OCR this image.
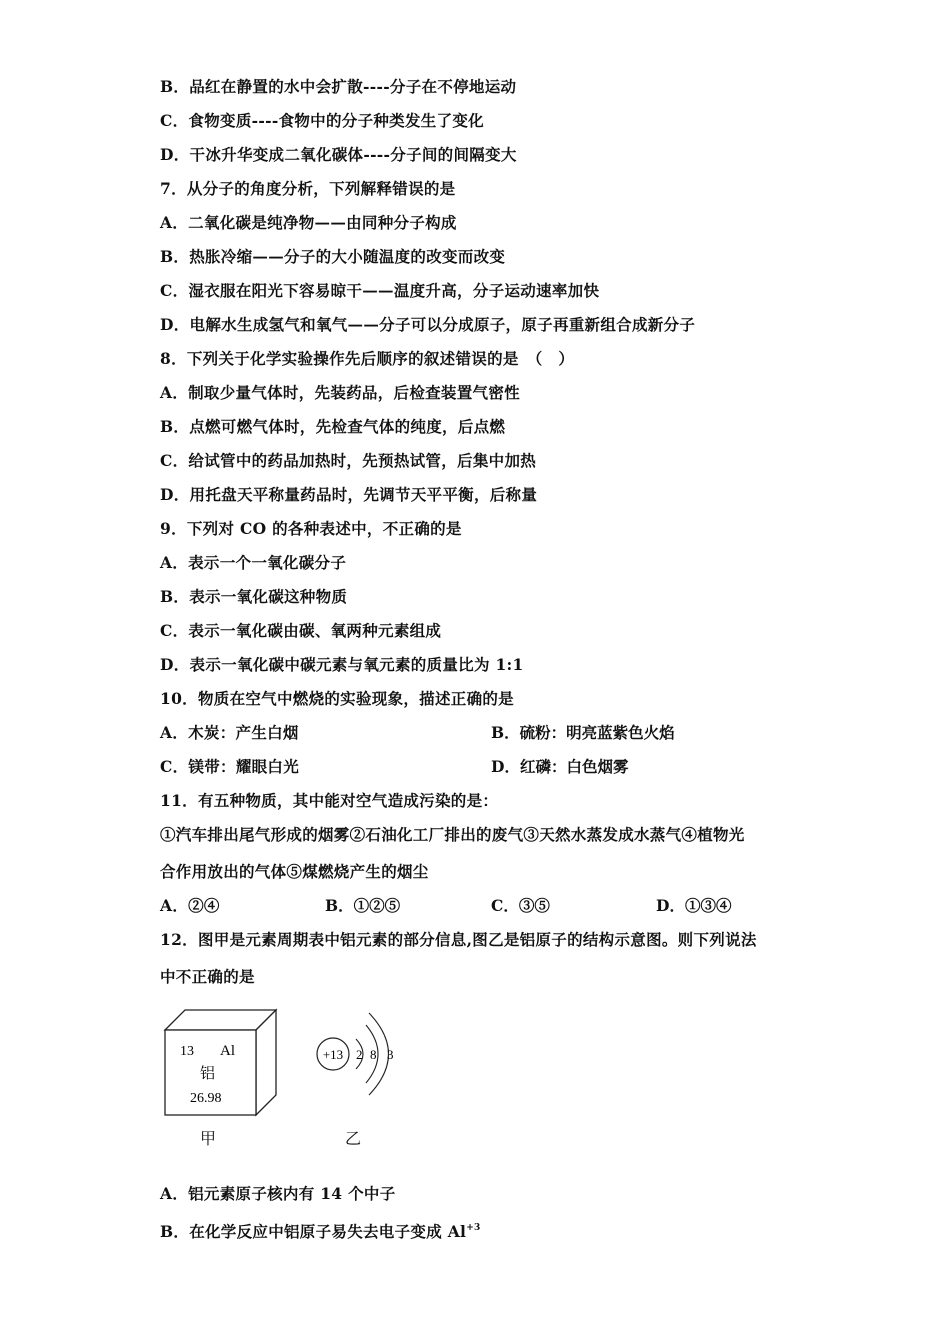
B．品红在静置的水中会扩散----分子在不停地运动
C．食物变质----食物中的分子种类发生了变化
D．干冰升华变成二氧化碳体----分子间的间隔变大
7．从分子的角度分析，下列解释错误的是
A．二氧化碳是纯净物——由同种分子构成
B．热胀冷缩——分子的大小随温度的改变而改变
C．湿衣服在阳光下容易晾干——温度升高，分子运动速率加快
D．电解水生成氢气和氧气——分子可以分成原子，原子再重新组合成新分子
8．下列关于化学实验操作先后顺序的叙述错误的是　（　）
A．制取少量气体时，先装药品，后检查装置气密性
B．点燃可燃气体时，先检查气体的纯度，后点燃
C．给试管中的药品加热时，先预热试管，后集中加热
D．用托盘天平称量药品时，先调节天平平衡，后称量
9．下列对 CO 的各种表述中，不正确的是
A．表示一个一氧化碳分子
B．表示一氧化碳这种物质
C．表示一氧化碳由碳、氧两种元素组成
D．表示一氧化碳中碳元素与氧元素的质量比为 1:1
10．物质在空气中燃烧的实验现象，描述正确的是
A．木炭：产生白烟	B．硫粉：明亮蓝紫色火焰
C．镁带：耀眼白光	D．红磷：白色烟雾
11．有五种物质，其中能对空气造成污染的是：
①汽车排出尾气形成的烟雾②石油化工厂排出的废气③天然水蒸发成水蒸气④植物光
合作用放出的气体⑤煤燃烧产生的烟尘
A．②④	B．①②⑤	C．③⑤	D．①③④
12．图甲是元素周期表中铝元素的部分信息,图乙是铝原子的结构示意图。则下列说法
中不正确的是
13 Al
铝
26.98
+13 2 8 3
甲	乙
A．铝元素原子核内有 14 个中子
B．在化学反应中铝原子易失去电子变成 $Al^{+3}$
